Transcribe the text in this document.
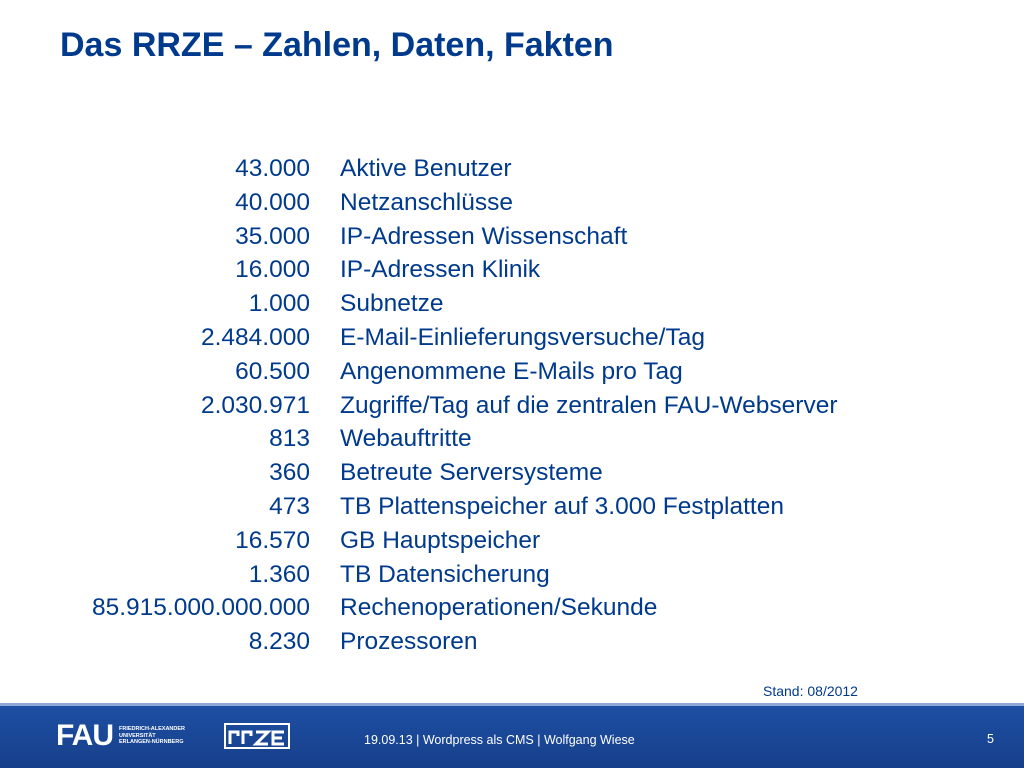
Das RRZE – Zahlen, Daten, Fakten
43.000 Aktive Benutzer
40.000 Netzanschlüsse
35.000 IP-Adressen Wissenschaft
16.000 IP-Adressen Klinik
1.000 Subnetze
2.484.000 E-Mail-Einlieferungsversuche/Tag
60.500 Angenommene E-Mails pro Tag
2.030.971 Zugriffe/Tag auf die zentralen FAU-Webserver
813 Webauftritte
360 Betreute Serversysteme
473 TB Plattenspeicher auf 3.000 Festplatten
16.570 GB Hauptspeicher
1.360 TB Datensicherung
85.915.000.000.000 Rechenoperationen/Sekunde
8.230 Prozessoren
Stand: 08/2012
FAU FRIEDRICH-ALEXANDER
UNIVERSITÄT
ERLANGEN-NÜRNBERG	19.09.13 | Wordpress als CMS | Wolfgang Wiese	5
